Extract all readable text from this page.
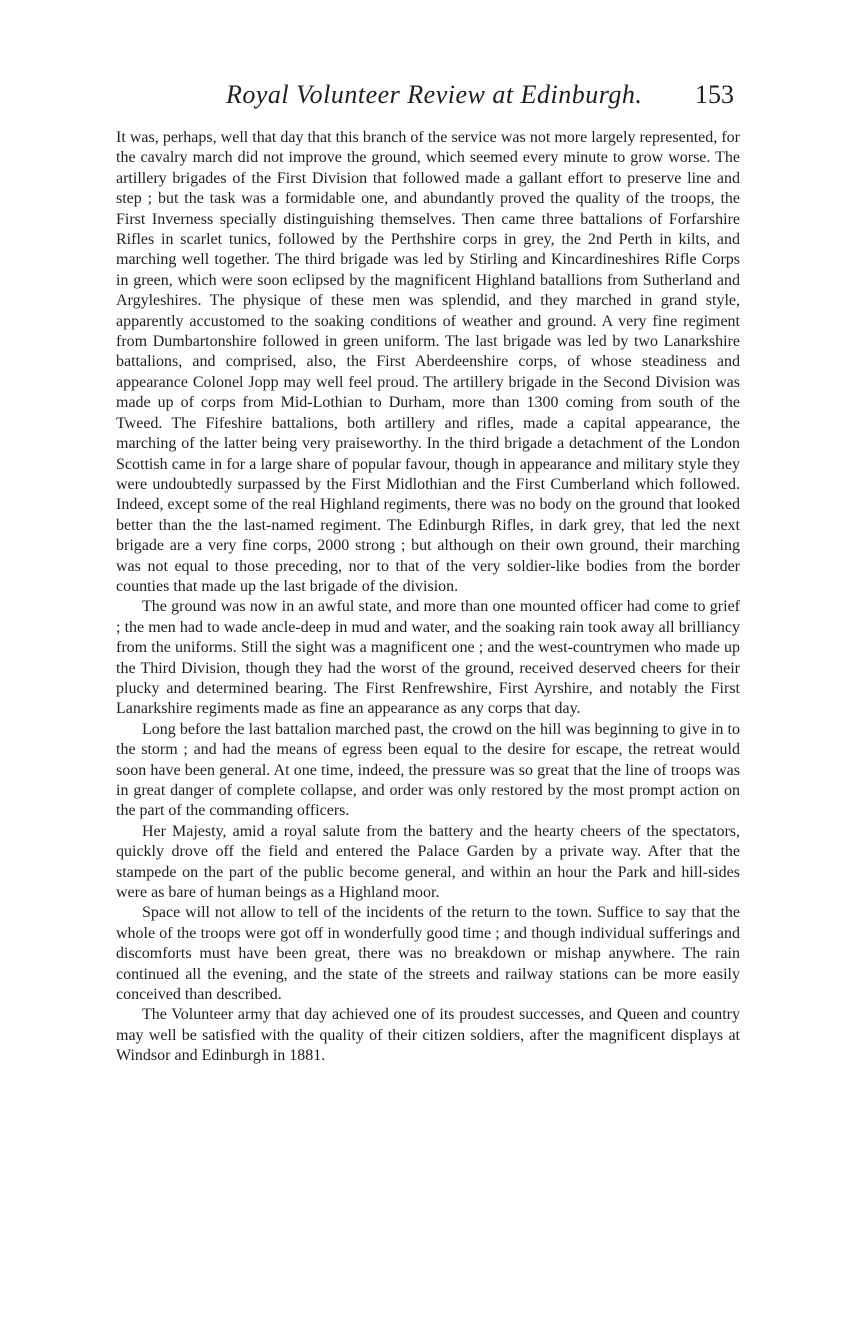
Royal Volunteer Review at Edinburgh. 153

It was, perhaps, well that day that this branch of the service was not more largely represented, for the cavalry march did not improve the ground, which seemed every minute to grow worse. The artillery brigades of the First Division that followed made a gallant effort to preserve line and step ; but the task was a formidable one, and abundantly proved the quality of the troops, the First Inverness specially distinguishing themselves. Then came three battalions of Forfarshire Rifles in scarlet tunics, followed by the Perthshire corps in grey, the 2nd Perth in kilts, and marching well together. The third brigade was led by Stirling and Kincardineshires Rifle Corps in green, which were soon eclipsed by the magnificent Highland batallions from Sutherland and Argyleshires. The physique of these men was splendid, and they marched in grand style, apparently accustomed to the soaking conditions of weather and ground. A very fine regiment from Dumbartonshire followed in green uniform. The last brigade was led by two Lanarkshire battalions, and comprised, also, the First Aberdeenshire corps, of whose steadiness and appearance Colonel Jopp may well feel proud. The artillery brigade in the Second Division was made up of corps from Mid-Lothian to Durham, more than 1300 coming from south of the Tweed. The Fifeshire battalions, both artillery and rifles, made a capital appearance, the marching of the latter being very praiseworthy. In the third brigade a detachment of the London Scottish came in for a large share of popular favour, though in appearance and military style they were undoubtedly surpassed by the First Midlothian and the First Cumberland which followed. Indeed, except some of the real Highland regiments, there was no body on the ground that looked better than the the last-named regiment. The Edinburgh Rifles, in dark grey, that led the next brigade are a very fine corps, 2000 strong ; but although on their own ground, their marching was not equal to those preceding, nor to that of the very soldier-like bodies from the border counties that made up the last brigade of the division.

The ground was now in an awful state, and more than one mounted officer had come to grief ; the men had to wade ancle-deep in mud and water, and the soaking rain took away all brilliancy from the uniforms. Still the sight was a magnificent one ; and the west-countrymen who made up the Third Division, though they had the worst of the ground, received deserved cheers for their plucky and determined bearing. The First Renfrewshire, First Ayrshire, and notably the First Lanarkshire regiments made as fine an appearance as any corps that day.

Long before the last battalion marched past, the crowd on the hill was beginning to give in to the storm ; and had the means of egress been equal to the desire for escape, the retreat would soon have been general. At one time, indeed, the pressure was so great that the line of troops was in great danger of complete collapse, and order was only restored by the most prompt action on the part of the commanding officers.

Her Majesty, amid a royal salute from the battery and the hearty cheers of the spectators, quickly drove off the field and entered the Palace Garden by a private way. After that the stampede on the part of the public become general, and within an hour the Park and hill-sides were as bare of human beings as a Highland moor.

Space will not allow to tell of the incidents of the return to the town. Suffice to say that the whole of the troops were got off in wonderfully good time ; and though individual sufferings and discomforts must have been great, there was no breakdown or mishap anywhere. The rain continued all the evening, and the state of the streets and railway stations can be more easily conceived than described.

The Volunteer army that day achieved one of its proudest successes, and Queen and country may well be satisfied with the quality of their citizen soldiers, after the magnificent displays at Windsor and Edinburgh in 1881.
